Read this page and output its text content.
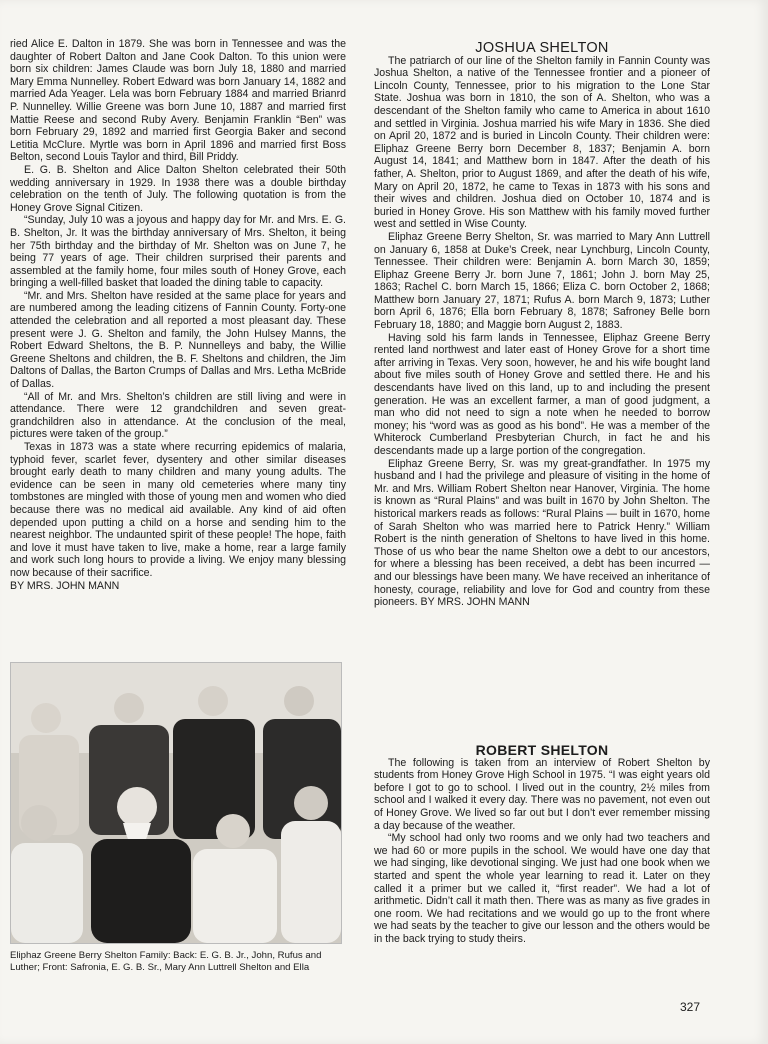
ried Alice E. Dalton in 1879. She was born in Tennessee and was the daughter of Robert Dalton and Jane Cook Dalton. To this union were born six children: James Claude was born July 18, 1880 and married Mary Emma Nunnelley. Robert Edward was born January 14, 1882 and married Ada Yeager. Lela was born February 1884 and married Brianrd P. Nunnelley. Willie Greene was born June 10, 1887 and married first Mattie Reese and second Ruby Avery. Benjamin Franklin “Ben” was born February 29, 1892 and married first Georgia Baker and second Letitia McClure. Myrtle was born in April 1896 and married first Boss Belton, second Louis Taylor and third, Bill Priddy.

E. G. B. Shelton and Alice Dalton Shelton celebrated their 50th wedding anniversary in 1929. In 1938 there was a double birthday celebration on the tenth of July. The following quotation is from the Honey Grove Signal Citizen.

“Sunday, July 10 was a joyous and happy day for Mr. and Mrs. E. G. B. Shelton, Jr. It was the birthday anniversary of Mrs. Shelton, it being her 75th birthday and the birthday of Mr. Shelton was on June 7, he being 77 years of age. Their children surprised their parents and assembled at the family home, four miles south of Honey Grove, each bringing a well-filled basket that loaded the dining table to capacity.

“Mr. and Mrs. Shelton have resided at the same place for years and are numbered among the leading citizens of Fannin County. Forty-one attended the celebration and all reported a most pleasant day. These present were J. G. Shelton and family, the John Hulsey Manns, the Robert Edward Sheltons, the B. P. Nunnelleys and baby, the Willie Greene Sheltons and children, the B. F. Sheltons and children, the Jim Daltons of Dallas, the Barton Crumps of Dallas and Mrs. Letha McBride of Dallas.

“All of Mr. and Mrs. Shelton’s children are still living and were in attendance. There were 12 grandchildren and seven great-grandchildren also in attendance. At the conclusion of the meal, pictures were taken of the group.”

Texas in 1873 was a state where recurring epidemics of malaria, typhoid fever, scarlet fever, dysentery and other similar diseases brought early death to many children and many young adults. The evidence can be seen in many old cemeteries where many tiny tombstones are mingled with those of young men and women who died because there was no medical aid available. Any kind of aid often depended upon putting a child on a horse and sending him to the nearest neighbor. The undaunted spirit of these people! The hope, faith and love it must have taken to live, make a home, rear a large family and work such long hours to provide a living. We enjoy many blessing now because of their sacrifice.

BY MRS. JOHN MANN

Eliphaz Greene Berry Shelton Family: Back: E. G. B. Jr., John, Rufus and Luther; Front: Safronia, E. G. B. Sr., Mary Ann Luttrell Shelton and Ella

JOSHUA SHELTON

The patriarch of our line of the Shelton family in Fannin County was Joshua Shelton, a native of the Tennessee frontier and a pioneer of Lincoln County, Tennessee, prior to his migration to the Lone Star State. Joshua was born in 1810, the son of A. Shelton, who was a descendant of the Shelton family who came to America in about 1610 and settled in Virginia. Joshua married his wife Mary in 1836. She died on April 20, 1872 and is buried in Lincoln County. Their children were: Eliphaz Greene Berry born December 8, 1837; Benjamin A. born August 14, 1841; and Matthew born in 1847. After the death of his father, A. Shelton, prior to August 1869, and after the death of his wife, Mary on April 20, 1872, he came to Texas in 1873 with his sons and their wives and children. Joshua died on October 10, 1874 and is buried in Honey Grove. His son Matthew with his family moved further west and settled in Wise County.

Eliphaz Greene Berry Shelton, Sr. was married to Mary Ann Luttrell on January 6, 1858 at Duke’s Creek, near Lynchburg, Lincoln County, Tennessee. Their children were: Benjamin A. born March 30, 1859; Eliphaz Greene Berry Jr. born June 7, 1861; John J. born May 25, 1863; Rachel C. born March 15, 1866; Eliza C. born October 2, 1868; Matthew born January 27, 1871; Rufus A. born March 9, 1873; Luther born April 6, 1876; Ella born February 8, 1878; Safroney Belle born February 18, 1880; and Maggie born August 2, 1883.

Having sold his farm lands in Tennessee, Eliphaz Greene Berry rented land northwest and later east of Honey Grove for a short time after arriving in Texas. Very soon, however, he and his wife bought land about five miles south of Honey Grove and settled there. He and his descendants have lived on this land, up to and including the present generation. He was an excellent farmer, a man of good judgment, a man who did not need to sign a note when he needed to borrow money; his “word was as good as his bond”. He was a member of the Whiterock Cumberland Presbyterian Church, in fact he and his descendants made up a large portion of the congregation.

Eliphaz Greene Berry, Sr. was my great-grandfather. In 1975 my husband and I had the privilege and pleasure of visiting in the home of Mr. and Mrs. William Robert Shelton near Hanover, Virginia. The home is known as “Rural Plains” and was built in 1670 by John Shelton. The historical markers reads as follows: “Rural Plains — built in 1670, home of Sarah Shelton who was married here to Patrick Henry.” William Robert is the ninth generation of Sheltons to have lived in this home. Those of us who bear the name Shelton owe a debt to our ancestors, for where a blessing has been received, a debt has been incurred — and our blessings have been many. We have received an inheritance of honesty, courage, reliability and love for God and country from these pioneers. BY MRS. JOHN MANN

ROBERT SHELTON

The following is taken from an interview of Robert Shelton by students from Honey Grove High School in 1975. “I was eight years old before I got to go to school. I lived out in the country, 2½ miles from school and I walked it every day. There was no pavement, not even out of Honey Grove. We lived so far out but I don’t ever remember missing a day because of the weather.

“My school had only two rooms and we only had two teachers and we had 60 or more pupils in the school. We would have one day that we had singing, like devotional singing. We just had one book when we started and spent the whole year learning to read it. Later on they called it a primer but we called it, “first reader”. We had a lot of arithmetic. Didn’t call it math then. There was as many as five grades in one room. We had recitations and we would go up to the front where we had seats by the teacher to give our lesson and the others would be in the back trying to study theirs.

327
